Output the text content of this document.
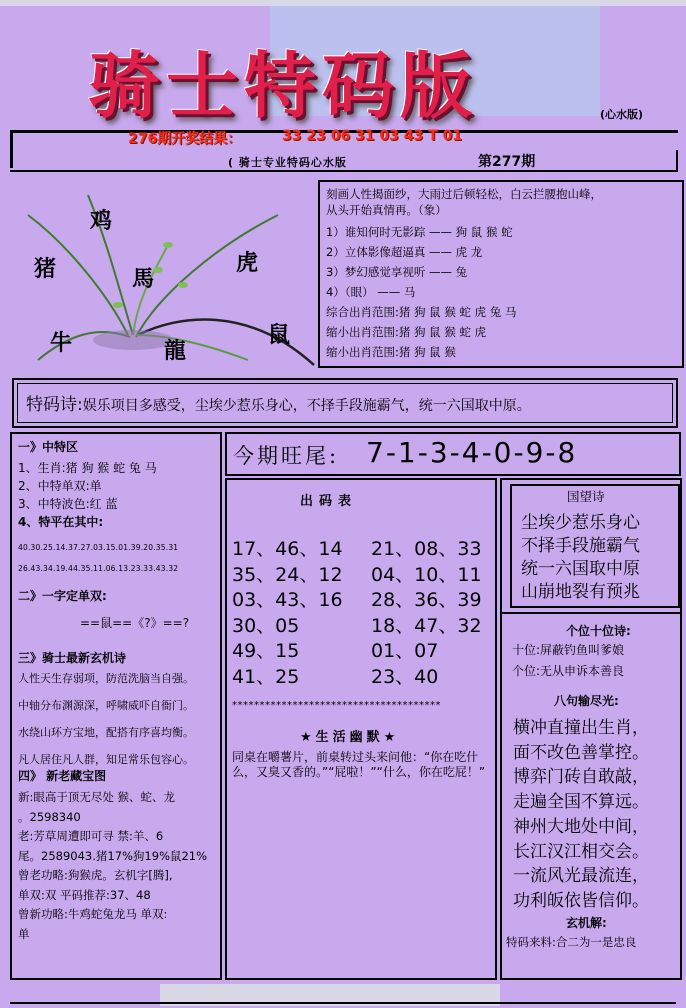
骑士特码版	(心水版)
276期开奖结果：	33 23 06 31 03 43 T 01
( 骑士专业特码心水版	第277期
鸡
猪	馬
虎
牛	龍
鼠
刻画人性揭面纱，大雨过后顿轻松，白云拦腰抱山峰，
从头开始真情再。（象）
1）谁知何时无影踪 —— 狗 鼠 猴 蛇
2）立体影像超逼真 —— 虎 龙
3）梦幻感觉享视听 —— 兔
4）（眼） —— 马
综合出肖范围:猪 狗 鼠 猴 蛇 虎 兔 马
缩小出肖范围:猪 狗 鼠 猴 蛇 虎
缩小出肖范围:猪 狗 鼠 猴
特码诗:娱乐项目多感受，尘埃少惹乐身心，不择手段施霸气，统一六国取中原。
一》中特区
1、生肖:猪 狗 猴 蛇 兔 马
2、中特单双:单
3、中特波色:红 蓝
4、特平在其中:
40.30.25.14.37.27.03.15.01.39.20.35.31
26.43.34.19.44.35.11.06.13.23.33.43.32
二》一字定单双:
==鼠==《?》==?
三》骑士最新玄机诗
人性天生存弱项，防范洗脑当自强。
中轴分布渊源深，呼啸威吓自衙门。
水绕山环方宝地，配搭有序喜均衡。
凡人居住凡人群，知足常乐包容心。
四》 新老藏宝图
新:眼高于顶无尽处 猴、蛇、龙
。2598340
老:芳草周遭即可寻 禁:羊、6
尾。2589043.猪17%狗19%鼠21%
曾老功略:狗猴虎。玄机字[腾],
单双:双 平码推荐:37、48
曾新功略:牛鸡蛇兔龙马 单双:
单
今期旺尾: 7-1-3-4-0-9-8
出码表
17、46、14	21、08、33
35、24、12	04、10、11
03、43、16	28、36、39
30、05	18、47、32
49、15	01、07
41、25	23、40
**************************************
★生活幽默★
同桌在嚼薯片，前桌转过头来问他：“你在吃什么，又臭又香的。”“屁啦！”“什么，你在吃屁！”
国望诗
尘埃少惹乐身心
不择手段施霸气
统一六国取中原
山崩地裂有预兆
个位十位诗:
十位:屏蔽钓鱼叫爹娘
个位:无从申诉本善良
八句输尽光:
横冲直撞出生肖，
面不改色善掌控。
博弈门砖自敢敲，
走遍全国不算远。
神州大地处中间，
长江汉江相交会。
一流风光最流连，
功利皈依皆信仰。
玄机解:
特码来料:合二为一是忠良
